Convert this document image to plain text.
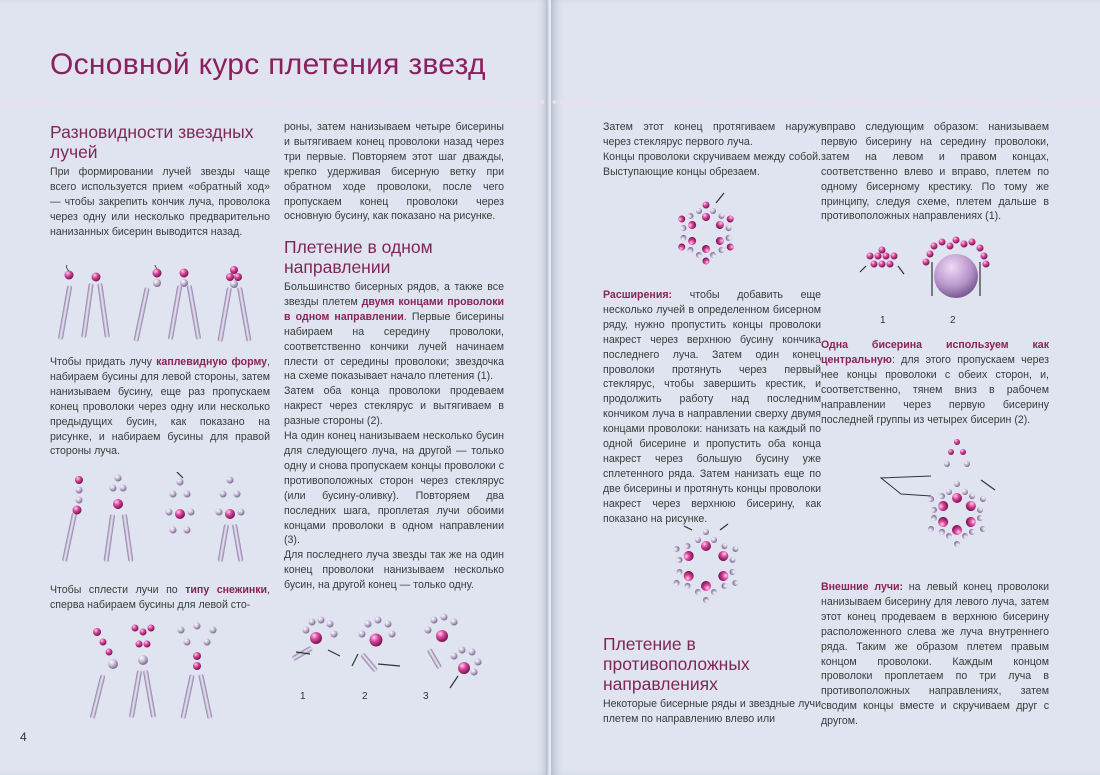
Основной курс плетения звезд
Разновидности звездных лучей

При формировании лучей звезды чаще всего используется прием «обратный ход» — чтобы закрепить кончик луча, проволока через одну или несколько предварительно нанизанных бисерин выводится назад.

Чтобы придать лучу каплевидную форму, набираем бусины для левой стороны, затем нанизываем бусину, еще раз пропускаем конец проволоки через одну или несколько предыдущих бусин, как показано на рисунке, и набираем бусины для правой стороны луча.

Чтобы сплести лучи по типу снежинки, сперва набираем бусины для левой сто-

роны, затем нанизываем четыре бисерины и вытягиваем конец проволоки назад через три первые. Повторяем этот шаг дважды, крепко удерживая бисерную ветку при обратном ходе проволоки, после чего пропускаем конец проволоки через основную бусину, как показано на рисунке.

Плетение в одном направлении

Большинство бисерных рядов, а также все звезды плетем двумя концами проволоки в одном направлении. Первые бисерины набираем на середину проволоки, соответственно кончики лучей начинаем плести от середины проволоки; звездочка на схеме показывает начало плетения (1).

Затем оба конца проволоки продеваем накрест через стеклярус и вытягиваем в разные стороны (2).

На один конец нанизываем несколько бусин для следующего луча, на другой — только одну и снова пропускаем концы проволоки с противоположных сторон через стеклярус (или бусину-оливку). Повторяем два последних шага, проплетая лучи обоими концами проволоки в одном направлении (3).

Для последнего луча звезды так же на один конец проволоки нанизываем несколько бусин, на другой конец — только одну.

1	2	3
4

Затем этот конец протягиваем наружу через стеклярус первого луча.

Концы проволоки скручиваем между собой. Выступающие концы обрезаем.

Расширения: чтобы добавить еще несколько лучей в определенном бисерном ряду, нужно пропустить концы проволоки накрест через верхнюю бусину кончика последнего луча. Затем один конец проволоки протянуть через первый стеклярус, чтобы завершить крестик, и продолжить работу над последним кончиком луча в направлении сверху двумя концами проволоки: нанизать на каждый по одной бисерине и пропустить оба конца накрест через большую бусину уже сплетенного ряда. Затем нанизать еще по две бисерины и протянуть концы проволоки накрест через верхнюю бисерину, как показано на рисунке.

Плетение в противоположных направлениях

Некоторые бисерные ряды и звездные лучи плетем по направлению влево или

вправо следующим образом: нанизываем первую бисерину на середину проволоки, затем на левом и правом концах, соответственно влево и вправо, плетем по одному бисерному крестику. По тому же принципу, следуя схеме, плетем дальше в противоположных направлениях (1).

1	2

Одна бисерина используем как центральную: для этого пропускаем через нее концы проволоки с обеих сторон, и, соответственно, тянем вниз в рабочем направлении через первую бисерину последней группы из четырех бисерин (2).

Внешние лучи: на левый конец проволоки нанизываем бисерину для левого луча, затем этот конец продеваем в верхнюю бисерину расположенного слева же луча внутреннего ряда. Таким же образом плетем правым концом проволоки. Каждым концом проволоки проплетаем по три луча в противоположных направлениях, затем сводим концы вместе и скручиваем друг с другом.
